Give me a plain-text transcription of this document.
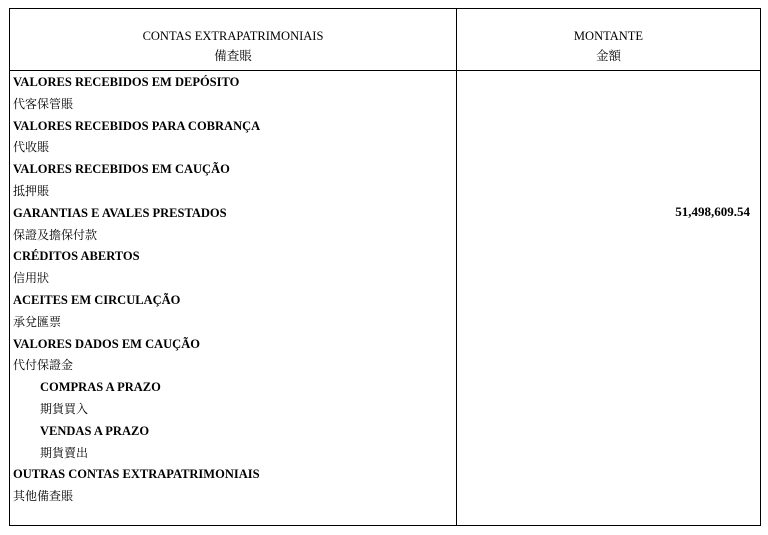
CONTAS EXTRAPATRIMONIAIS
備查賬
MONTANTE
金額
VALORES RECEBIDOS EM DEPÓSITO
代客保管賬
VALORES RECEBIDOS PARA COBRANÇA
代收賬
VALORES RECEBIDOS EM CAUÇÃO
抵押賬
GARANTIAS E AVALES PRESTADOS
保證及擔保付款
CRÉDITOS ABERTOS
信用狀
ACEITES EM CIRCULAÇÃO
承兌匯票
VALORES DADOS EM CAUÇÃO
代付保證金
COMPRAS A PRAZO
期貨買入
VENDAS A PRAZO
期貨賣出
OUTRAS CONTAS EXTRAPATRIMONIAIS
其他備查賬
51,498,609.54
